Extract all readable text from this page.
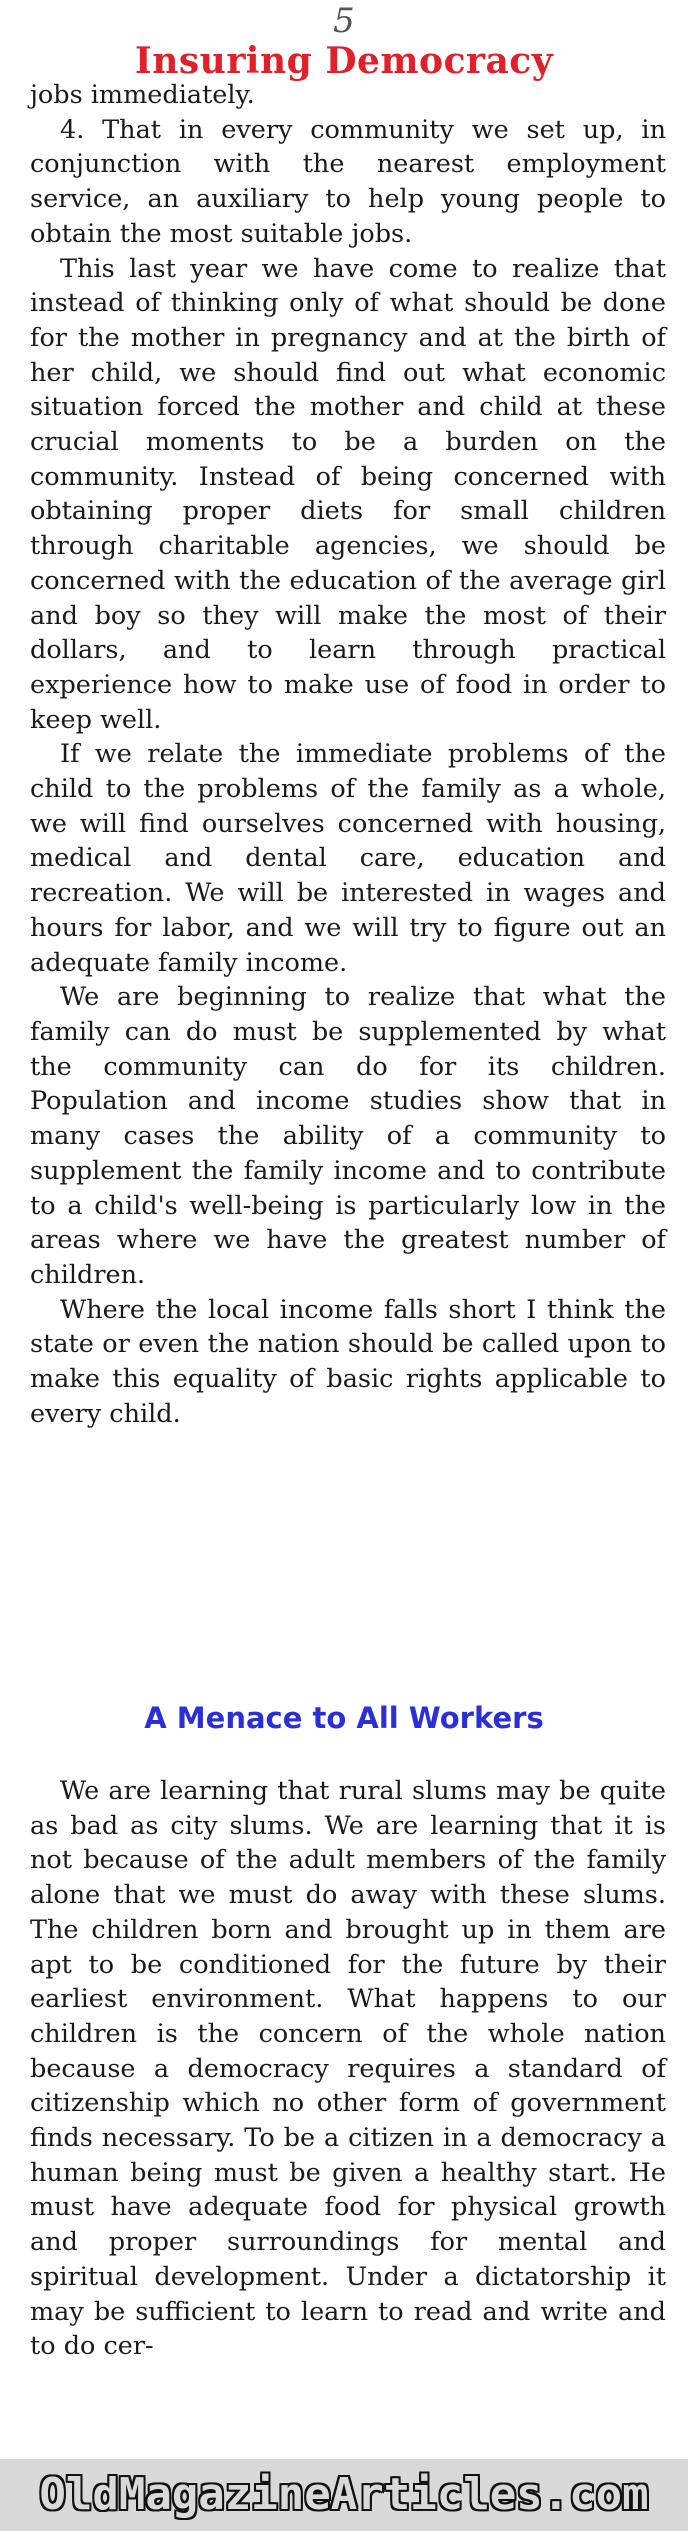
5
Insuring Democracy

jobs immediately.

4. That in every community we set up, in conjunction with the nearest employment service, an auxiliary to help young people to obtain the most suitable jobs.

This last year we have come to realize that instead of thinking only of what should be done for the mother in pregnancy and at the birth of her child, we should find out what economic situation forced the mother and child at these crucial moments to be a burden on the community. Instead of being concerned with obtaining proper diets for small children through charitable agencies, we should be concerned with the education of the average girl and boy so they will make the most of their dollars, and to learn through practical experience how to make use of food in order to keep well.

If we relate the immediate problems of the child to the problems of the family as a whole, we will find ourselves concerned with housing, medical and dental care, education and recreation. We will be interested in wages and hours for labor, and we will try to figure out an adequate family income.

We are beginning to realize that what the family can do must be supplemented by what the community can do for its children. Population and income studies show that in many cases the ability of a community to supplement the family income and to contribute to a child's well-being is particularly low in the areas where we have the greatest number of children.

Where the local income falls short I think the state or even the nation should be called upon to make this equality of basic rights applicable to every child.

A Menace to All Workers

We are learning that rural slums may be quite as bad as city slums. We are learning that it is not because of the adult members of the family alone that we must do away with these slums. The children born and brought up in them are apt to be conditioned for the future by their earliest environment. What happens to our children is the concern of the whole nation because a democracy requires a standard of citizenship which no other form of government finds necessary. To be a citizen in a democracy a human being must be given a healthy start. He must have adequate food for physical growth and proper surroundings for mental and spiritual development. Under a dictatorship it may be sufficient to learn to read and write and to do cer-

OldMagazineArticles.com
